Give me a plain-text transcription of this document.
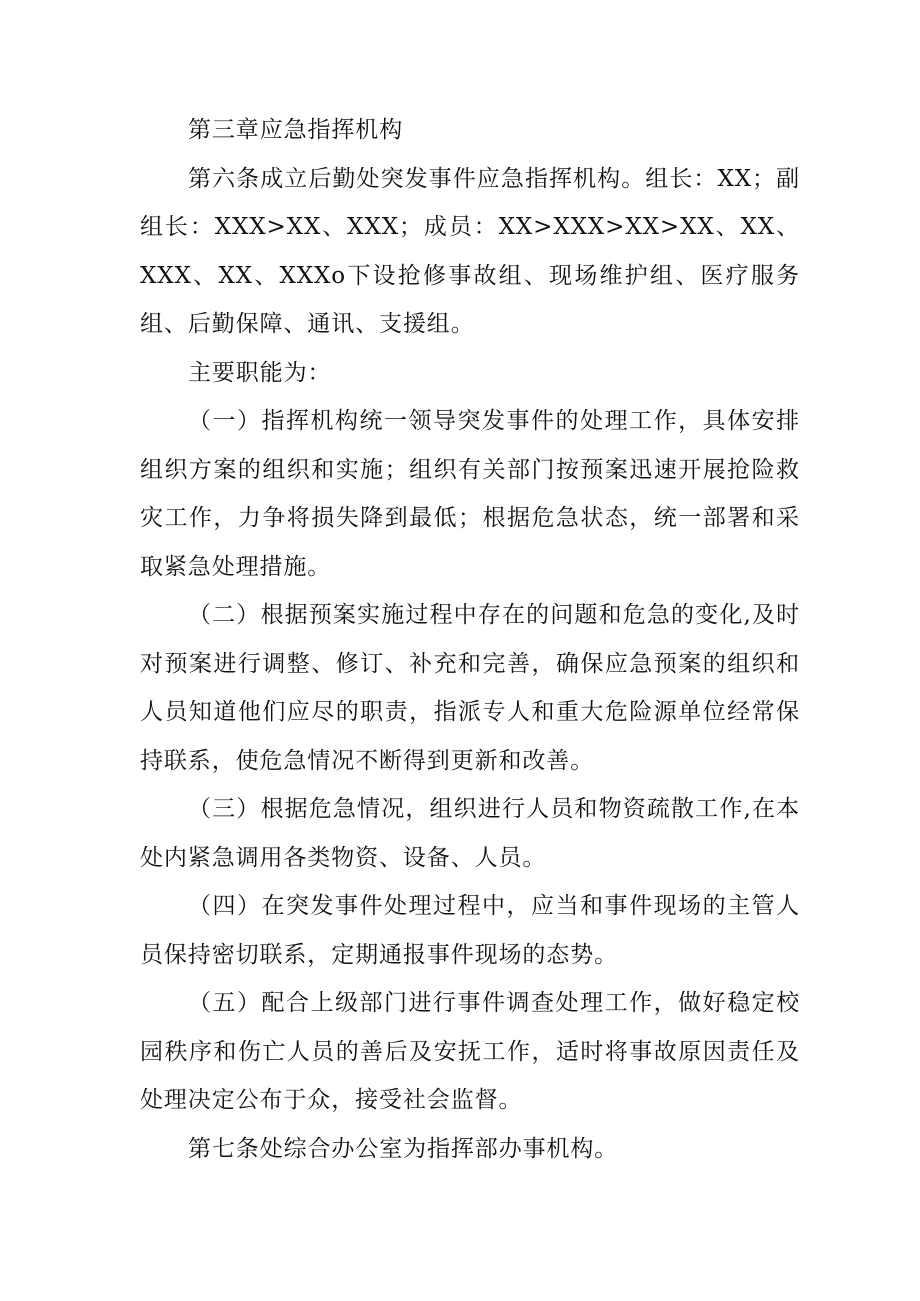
第三章应急指挥机构

第六条成立后勤处突发事件应急指挥机构。组长：XX；副组长：XXX>XX、XXX；成员：XX>XXX>XX>XX、XX、XXX、XX、XXXo下设抢修事故组、现场维护组、医疗服务组、后勤保障、通讯、支援组。

主要职能为：

（一）指挥机构统一领导突发事件的处理工作，具体安排组织方案的组织和实施；组织有关部门按预案迅速开展抢险救灾工作，力争将损失降到最低；根据危急状态，统一部署和采取紧急处理措施。

（二）根据预案实施过程中存在的问题和危急的变化,及时对预案进行调整、修订、补充和完善，确保应急预案的组织和人员知道他们应尽的职责，指派专人和重大危险源单位经常保持联系，使危急情况不断得到更新和改善。

（三）根据危急情况，组织进行人员和物资疏散工作,在本处内紧急调用各类物资、设备、人员。

（四）在突发事件处理过程中，应当和事件现场的主管人员保持密切联系，定期通报事件现场的态势。

（五）配合上级部门进行事件调查处理工作，做好稳定校园秩序和伤亡人员的善后及安抚工作，适时将事故原因责任及处理决定公布于众，接受社会监督。

第七条处综合办公室为指挥部办事机构。
